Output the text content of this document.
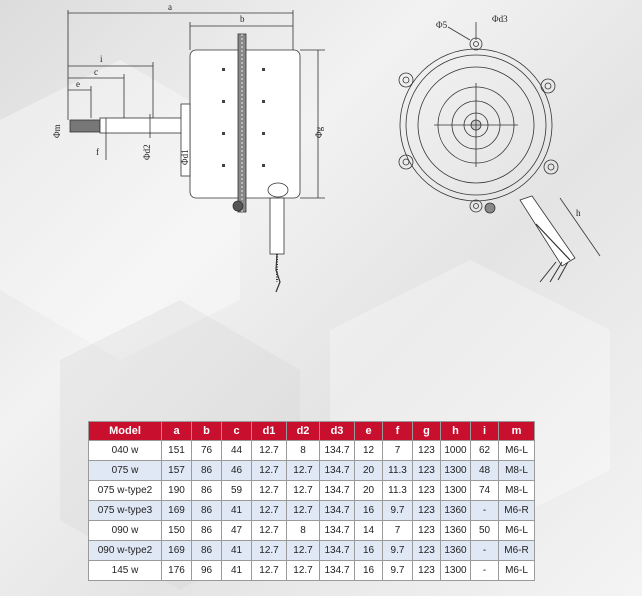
a
b
i
c
e
Φm
f	Φd2	Φd1
Φg
Φ5
Φd3
h
Model	a	b	c	d1	d2	d3	e	f	g	h	i	m
040 w	151	76	44	12.7	8	134.7	12	7	123	1000	62	M6-L
075 w	157	86	46	12.7	12.7	134.7	20	11.3	123	1300	48	M8-L
075 w-type2	190	86	59	12.7	12.7	134.7	20	11.3	123	1300	74	M8-L
075 w-type3	169	86	41	12.7	12.7	134.7	16	9.7	123	1360	-	M6-R
090 w	150	86	47	12.7	8	134.7	14	7	123	1360	50	M6-L
090 w-type2	169	86	41	12.7	12.7	134.7	16	9.7	123	1360	-	M6-R
145 w	176	96	41	12.7	12.7	134.7	16	9.7	123	1300	-	M6-L
